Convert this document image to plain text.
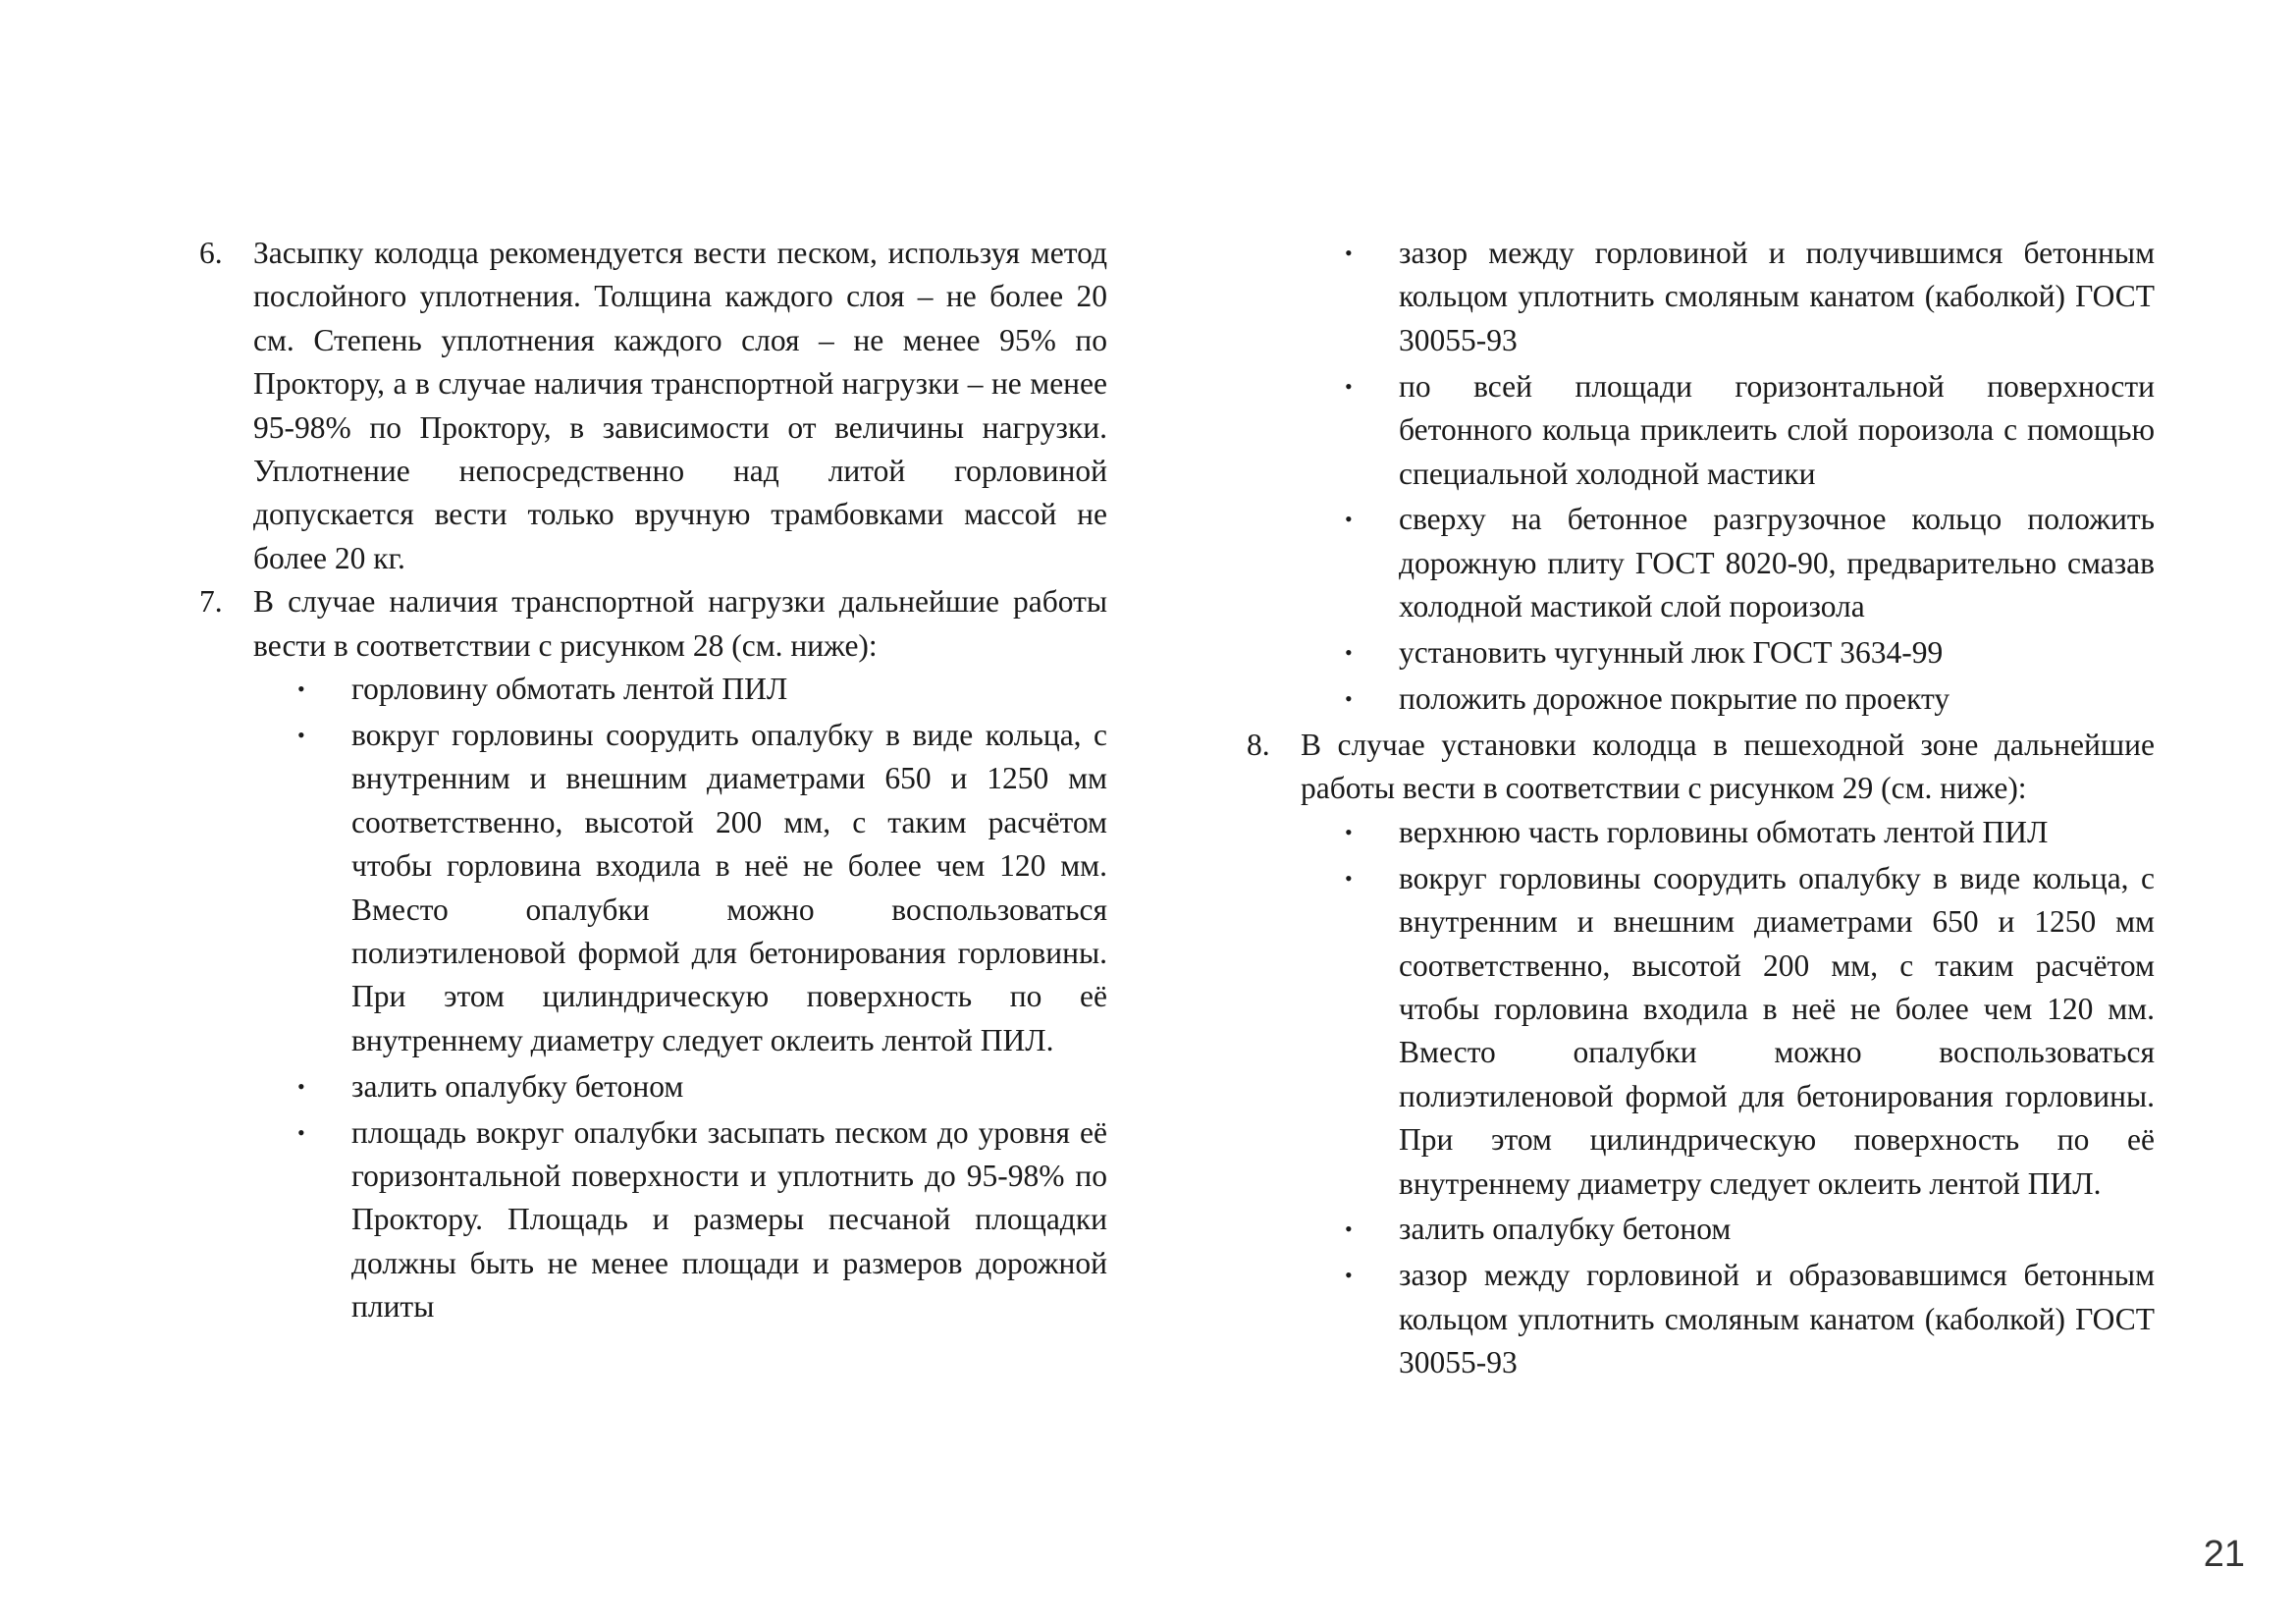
6. Засыпку колодца рекомендуется вести песком, используя метод послойного уплотнения. Толщина каждого слоя – не более 20 см. Степень уплотнения каждого слоя – не менее 95% по Проктору, а в случае наличия транспортной нагрузки – не менее 95-98% по Проктору, в зависимости от величины нагрузки. Уплотнение непосредственно над литой горловиной допускается вести только вручную трамбовками массой не более 20 кг.
7. В случае наличия транспортной нагрузки дальнейшие работы вести в соответствии с рисунком 28 (см. ниже):
• горловину обмотать лентой ПИЛ
• вокруг горловины соорудить опалубку в виде кольца, с внутренним и внешним диаметрами 650 и 1250 мм соответственно, высотой 200 мм, с таким расчётом чтобы горловина входила в неё не более чем 120 мм. Вместо опалубки можно воспользоваться полиэтиленовой формой для бетонирования горловины. При этом цилиндрическую поверхность по её внутреннему диаметру следует оклеить лентой ПИЛ.
• залить опалубку бетоном
• площадь вокруг опалубки засыпать песком до уровня её горизонтальной поверхности и уплотнить до 95-98% по Проктору. Площадь и размеры песчаной площадки должны быть не менее площади и размеров дорожной плиты
• зазор между горловиной и получившимся бетонным кольцом уплотнить смоляным канатом (каболкой) ГОСТ 30055-93
• по всей площади горизонтальной поверхности бетонного кольца приклеить слой пороизола с помощью специальной холодной мастики
• сверху на бетонное разгрузочное кольцо положить дорожную плиту ГОСТ 8020-90, предварительно смазав холодной мастикой слой пороизола
• установить чугунный люк ГОСТ 3634-99
• положить дорожное покрытие по проекту
8. В случае установки колодца в пешеходной зоне дальнейшие работы вести в соответствии с рисунком 29 (см. ниже):
• верхнюю часть горловины обмотать лентой ПИЛ
• вокруг горловины соорудить опалубку в виде кольца, с внутренним и внешним диаметрами 650 и 1250 мм соответственно, высотой 200 мм, с таким расчётом чтобы горловина входила в неё не более чем 120 мм. Вместо опалубки можно воспользоваться полиэтиленовой формой для бетонирования горловины. При этом цилиндрическую поверхность по её внутреннему диаметру следует оклеить лентой ПИЛ.
• залить опалубку бетоном
• зазор между горловиной и образовавшимся бетонным кольцом уплотнить смоляным канатом (каболкой) ГОСТ 30055-93
21
